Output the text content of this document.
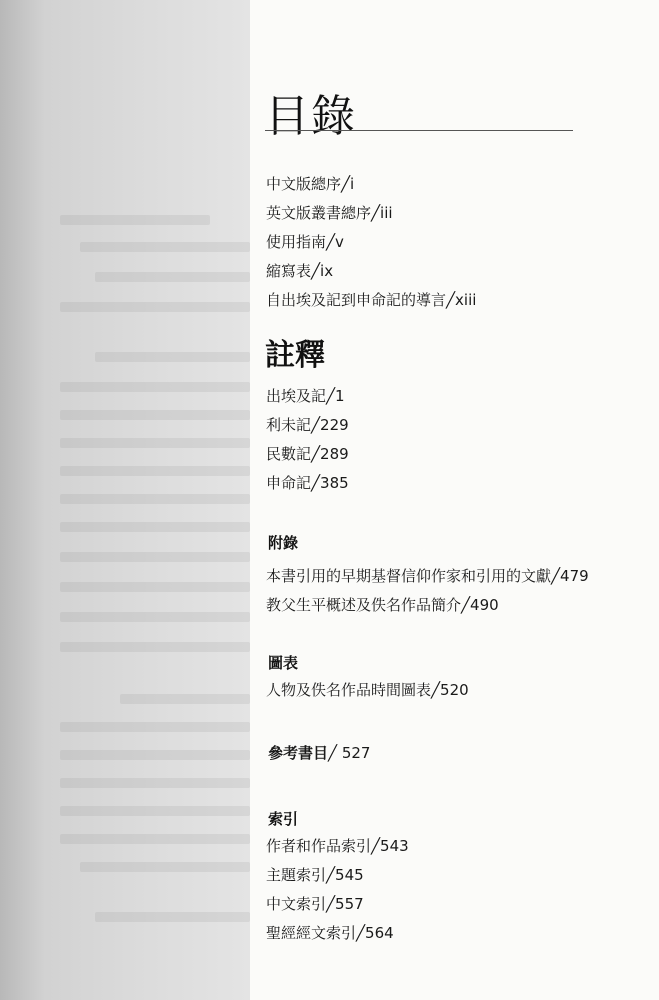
目錄
中文版總序╱i
英文版叢書總序╱iii
使用指南╱v
縮寫表╱ix
自出埃及記到申命記的導言╱xiii
註釋
出埃及記╱1
利未記╱229
民數記╱289
申命記╱385
附錄
本書引用的早期基督信仰作家和引用的文獻╱479
教父生平概述及佚名作品簡介╱490
圖表
人物及佚名作品時間圖表╱520

參考書目╱ 527

索引
作者和作品索引╱543
主題索引╱545
中文索引╱557
聖經經文索引╱564
